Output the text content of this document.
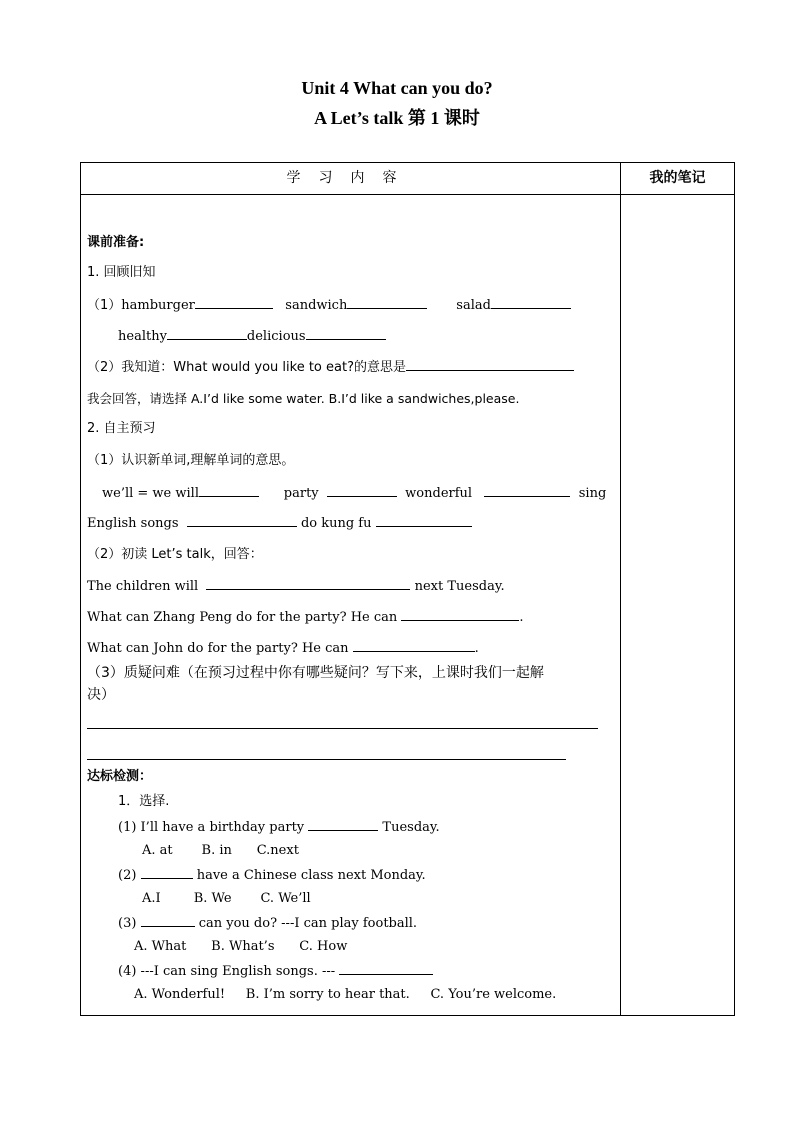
Unit 4 What can you do?
A Let’s talk 第 1 课时
学习内容	我的笔记
课前准备:
1. 回顾旧知
（1）hamburger	sandwich	salad
healthy	delicious
（2）我知道：What would you like to eat?的意思是
我会回答，请选择 A.I’d like some water. B.I’d like a sandwiches,please.
2. 自主预习
（1）认识新单词,理解单词的意思。
we’ll = we will	party	wonderful	sing
English songs	do kung fu
（2）初读 Let’s talk，回答：
The children will	next Tuesday.
What can Zhang Peng do for the party? He can	.
What can John do for the party? He can	.
（3）质疑问难（在预习过程中你有哪些疑问？写下来，上课时我们一起解
决）
达标检测：
1．选择.
(1) I’ll have a birthday party	Tuesday.
A. at       B. in      C.next
(2)	have a Chinese class next Monday.
A.I        B. We       C. We’ll
(3)	can you do? ---I can play football.
A. What      B. What’s      C. How
(4) ---I can sing English songs. ---
A. Wonderful!     B. I’m sorry to hear that.     C. You’re welcome.
